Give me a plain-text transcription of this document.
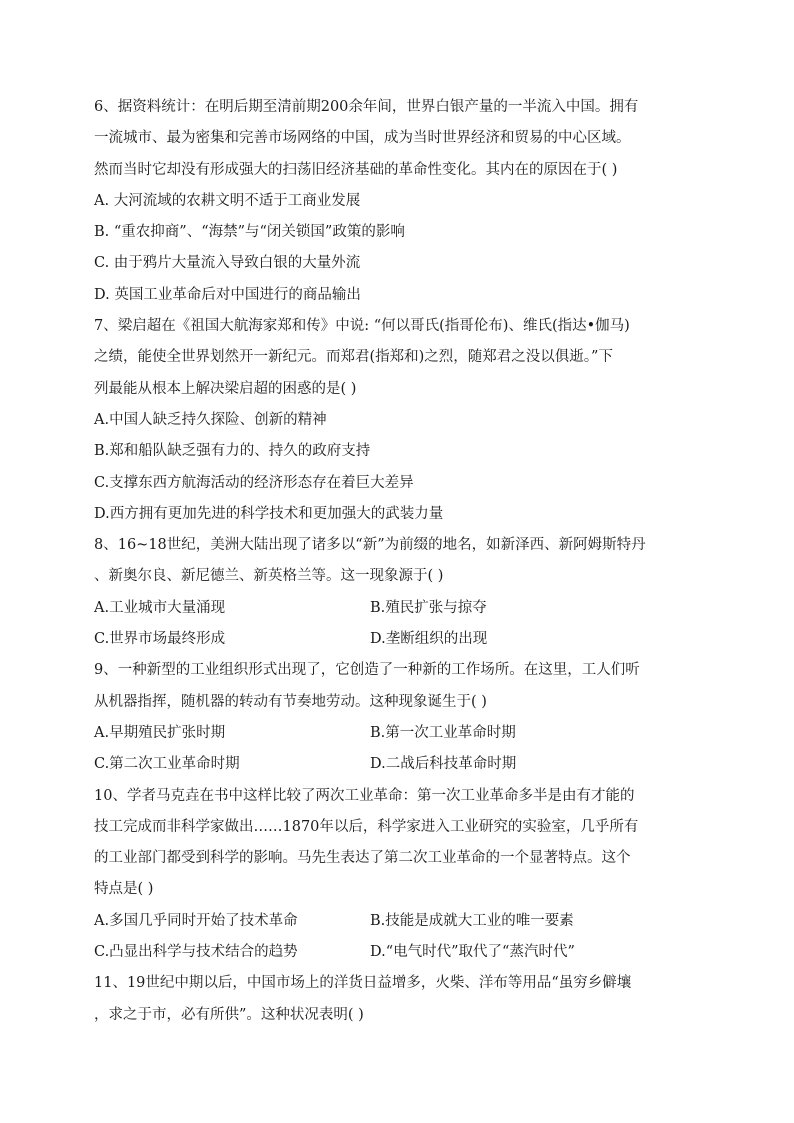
6、据资料统计：在明后期至清前期200余年间，世界白银产量的一半流入中国。拥有
一流城市、最为密集和完善市场网络的中国，成为当时世界经济和贸易的中心区域。
然而当时它却没有形成强大的扫荡旧经济基础的革命性变化。其内在的原因在于( )
A. 大河流域的农耕文明不适于工商业发展
B. “重农抑商”、“海禁”与“闭关锁国”政策的影响
C. 由于鸦片大量流入导致白银的大量外流
D. 英国工业革命后对中国进行的商品输出
7、梁启超在《祖国大航海家郑和传》中说: “何以哥氏(指哥伦布)、维氏(指达•伽马)
之绩，能使全世界划然开一新纪元。而郑君(指郑和)之烈，随郑君之没以俱逝。”下
列最能从根本上解决梁启超的困惑的是( )
A.中国人缺乏持久探险、创新的精神
B.郑和船队缺乏强有力的、持久的政府支持
C.支撑东西方航海活动的经济形态存在着巨大差异
D.西方拥有更加先进的科学技术和更加强大的武装力量
8、16~18世纪，美洲大陆出现了诸多以“新”为前缀的地名，如新泽西、新阿姆斯特丹
、新奥尔良、新尼德兰、新英格兰等。这一现象源于( )
A.工业城市大量涌现	B.殖民扩张与掠夺
C.世界市场最终形成	D.垄断组织的出现
9、一种新型的工业组织形式出现了，它创造了一种新的工作场所。在这里，工人们听
从机器指挥，随机器的转动有节奏地劳动。这种现象诞生于( )
A.早期殖民扩张时期	B.第一次工业革命时期
C.第二次工业革命时期	D.二战后科技革命时期
10、学者马克垚在书中这样比较了两次工业革命：第一次工业革命多半是由有才能的
技工完成而非科学家做出……1870年以后，科学家进入工业研究的实验室，几乎所有
的工业部门都受到科学的影响。马先生表达了第二次工业革命的一个显著特点。这个
特点是( )
A.多国几乎同时开始了技术革命	B.技能是成就大工业的唯一要素
C.凸显出科学与技术结合的趋势	D.“电气时代”取代了“蒸汽时代”
11、19世纪中期以后，中国市场上的洋货日益增多，火柴、洋布等用品“虽穷乡僻壤
，求之于市，必有所供”。这种状况表明( )
